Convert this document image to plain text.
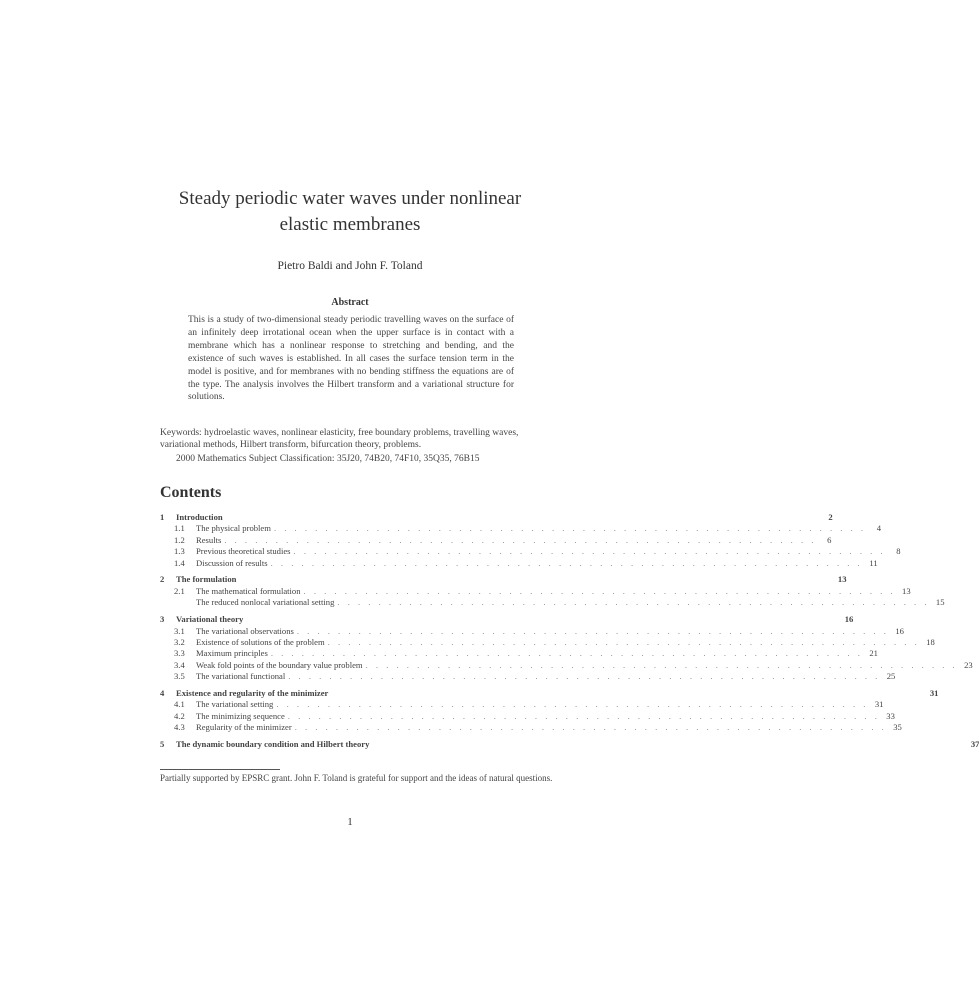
Steady periodic water waves under nonlinear
elastic membranes
Pietro Baldi and John F. Toland
Abstract
This is a study of two-dimensional steady periodic travelling waves on the surface of an infinitely deep irrotational ocean when the upper surface is in contact with a membrane which has a nonlinear response to stretching and bending, and the existence of such waves is established. In all cases the surface tension term in the model is positive, and for membranes with no bending stiffness the equations are of the type. The analysis involves the Hilbert transform and a variational structure for solutions.
Keywords: hydroelastic waves, nonlinear elasticity, free boundary problems, travelling waves, variational methods, Hilbert transform, bifurcation theory, problems.
2000 Mathematics Subject Classification: 35J20, 74B20, 74F10, 35Q35, 76B15
Contents
1	Introduction	2
1.1	The physical problem . . . . . . . . . . . . . . . . . . . . . . . . . . . . . . . . . . . . . . . . . . . . . . . . . . . . . . . . . .	4
1.2	Results . . . . . . . . . . . . . . . . . . . . . . . . . . . . . . . . . . . . . . . . . . . . . . . . . . . . . . . . . .	6
1.3	Previous theoretical studies . . . . . . . . . . . . . . . . . . . . . . . . . . . . . . . . . . . . . . . . . . . . . . . . . . . . . . . . . .	8
1.4	Discussion of results . . . . . . . . . . . . . . . . . . . . . . . . . . . . . . . . . . . . . . . . . . . . . . . . . . . . . . . . . . 11
2	The formulation	13
2.1	The mathematical formulation . . . . . . . . . . . . . . . . . . . . . . . . . . . . . . . . . . . . . . . . . . . . . . . . . . . . . . . . . . 13
The reduced nonlocal variational setting . . . . . . . . . . . . . . . . . . . . . . . . . . . . . . . . . . . . . . . . . . . . . . . . . . . . . . . . . . 15
3	Variational theory	16
3.1	The variational observations . . . . . . . . . . . . . . . . . . . . . . . . . . . . . . . . . . . . . . . . . . . . . . . . . . . . . . . . . . 16
3.2	Existence of solutions of the problem . . . . . . . . . . . . . . . . . . . . . . . . . . . . . . . . . . . . . . . . . . . . . . . . . . . . . . . . . . 18
3.3	Maximum principles . . . . . . . . . . . . . . . . . . . . . . . . . . . . . . . . . . . . . . . . . . . . . . . . . . . . . . . . . . 21
3.4	Weak fold points of the boundary value problem . . . . . . . . . . . . . . . . . . . . . . . . . . . . . . . . . . . . . . . . . . . . . . . . . . . . . . . . . . 23
3.5	The variational functional . . . . . . . . . . . . . . . . . . . . . . . . . . . . . . . . . . . . . . . . . . . . . . . . . . . . . . . . . . 25
4	Existence and regularity of the minimizer	31
4.1	The variational setting . . . . . . . . . . . . . . . . . . . . . . . . . . . . . . . . . . . . . . . . . . . . . . . . . . . . . . . . . . 31
4.2	The minimizing sequence . . . . . . . . . . . . . . . . . . . . . . . . . . . . . . . . . . . . . . . . . . . . . . . . . . . . . . . . . . 33
4.3	Regularity of the minimizer . . . . . . . . . . . . . . . . . . . . . . . . . . . . . . . . . . . . . . . . . . . . . . . . . . . . . . . . . . 35
5	The dynamic boundary condition and Hilbert theory	37
Partially supported by EPSRC grant. John F. Toland is grateful for support and the ideas of natural questions.
1
